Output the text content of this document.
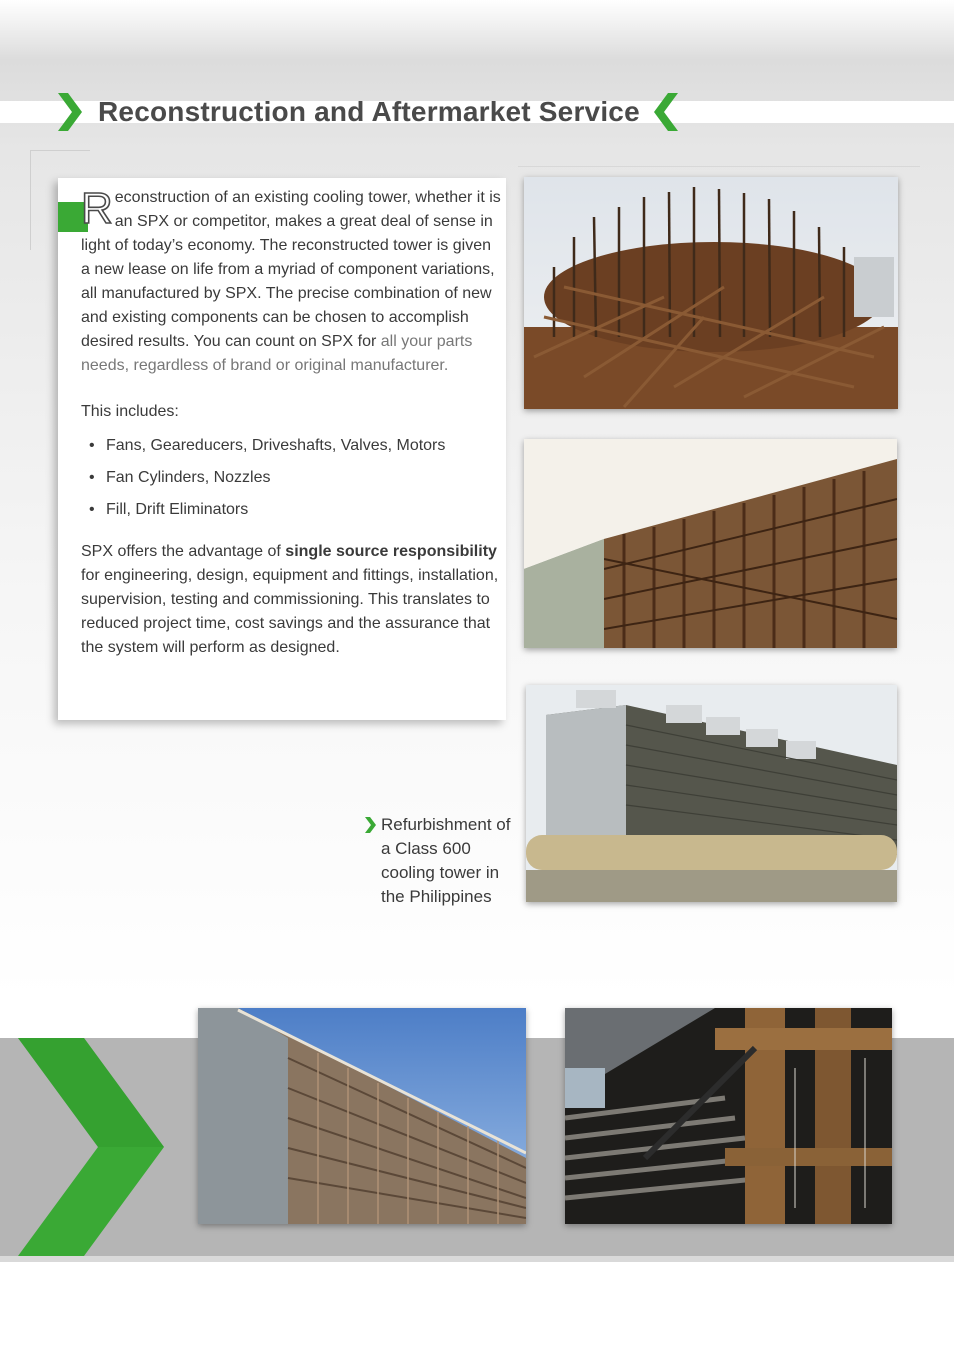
Reconstruction and Aftermarket Service

Reconstruction of an existing cooling tower, whether it is an SPX or competitor, makes a great deal of sense in light of today’s economy. The reconstructed tower is given a new lease on life from a myriad of component variations, all manufactured by SPX. The precise combination of new and existing components can be chosen to accomplish desired results. You can count on SPX for all your parts needs, regardless of brand or original manufacturer.

This includes:

• Fans, Geareducers, Driveshafts, Valves, Motors
• Fan Cylinders, Nozzles
• Fill, Drift Eliminators

SPX offers the advantage of single source responsibility for engineering, design, equipment and fittings, installation, supervision, testing and commissioning. This translates to reduced project time, cost savings and the assurance that the system will perform as designed.

Refurbishment of a Class 600 cooling tower in the Philippines
